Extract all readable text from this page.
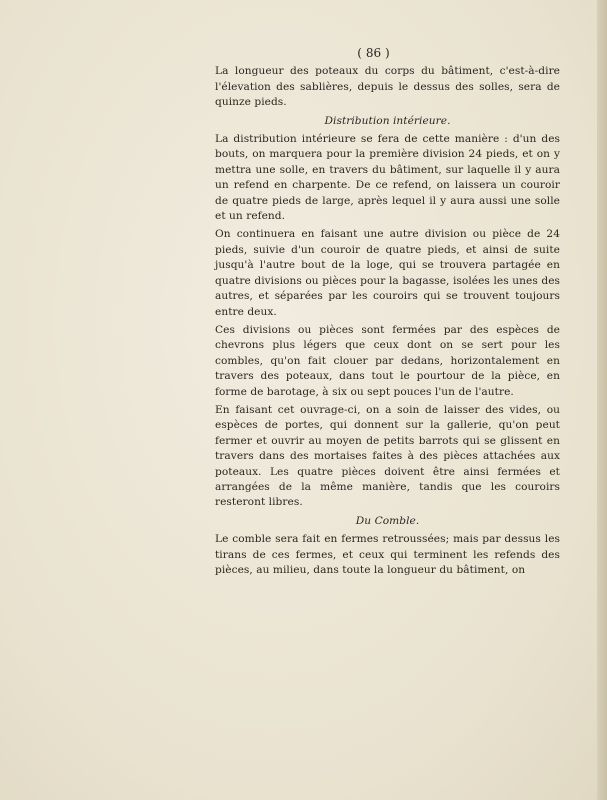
( 86 )

La longueur des poteaux du corps du bâtiment, c'est-à-dire l'élevation des sablières, depuis le dessus des solles, sera de quinze pieds.

Distribution intérieure.

La distribution intérieure se fera de cette manière : d'un des bouts, on marquera pour la première division 24 pieds, et on y mettra une solle, en travers du bâtiment, sur laquelle il y aura un refend en charpente. De ce refend, on laissera un couroir de quatre pieds de large, après lequel il y aura aussi une solle et un refend.

On continuera en faisant une autre division ou pièce de 24 pieds, suivie d'un couroir de quatre pieds, et ainsi de suite jusqu'à l'autre bout de la loge, qui se trouvera partagée en quatre divisions ou pièces pour la bagasse, isolées les unes des autres, et séparées par les couroirs qui se trouvent toujours entre deux.

Ces divisions ou pièces sont fermées par des espèces de chevrons plus légers que ceux dont on se sert pour les combles, qu'on fait clouer par dedans, horizontalement en travers des poteaux, dans tout le pourtour de la pièce, en forme de barotage, à six ou sept pouces l'un de l'autre.

En faisant cet ouvrage-ci, on a soin de laisser des vides, ou espèces de portes, qui donnent sur la gallerie, qu'on peut fermer et ouvrir au moyen de petits barrots qui se glissent en travers dans des mortaises faites à des pièces attachées aux poteaux. Les quatre pièces doivent être ainsi fermées et arrangées de la même manière, tandis que les couroirs resteront libres.

Du Comble.

Le comble sera fait en fermes retroussées; mais par dessus les tirans de ces fermes, et ceux qui terminent les refends des pièces, au milieu, dans toute la longueur du bâtiment, on
